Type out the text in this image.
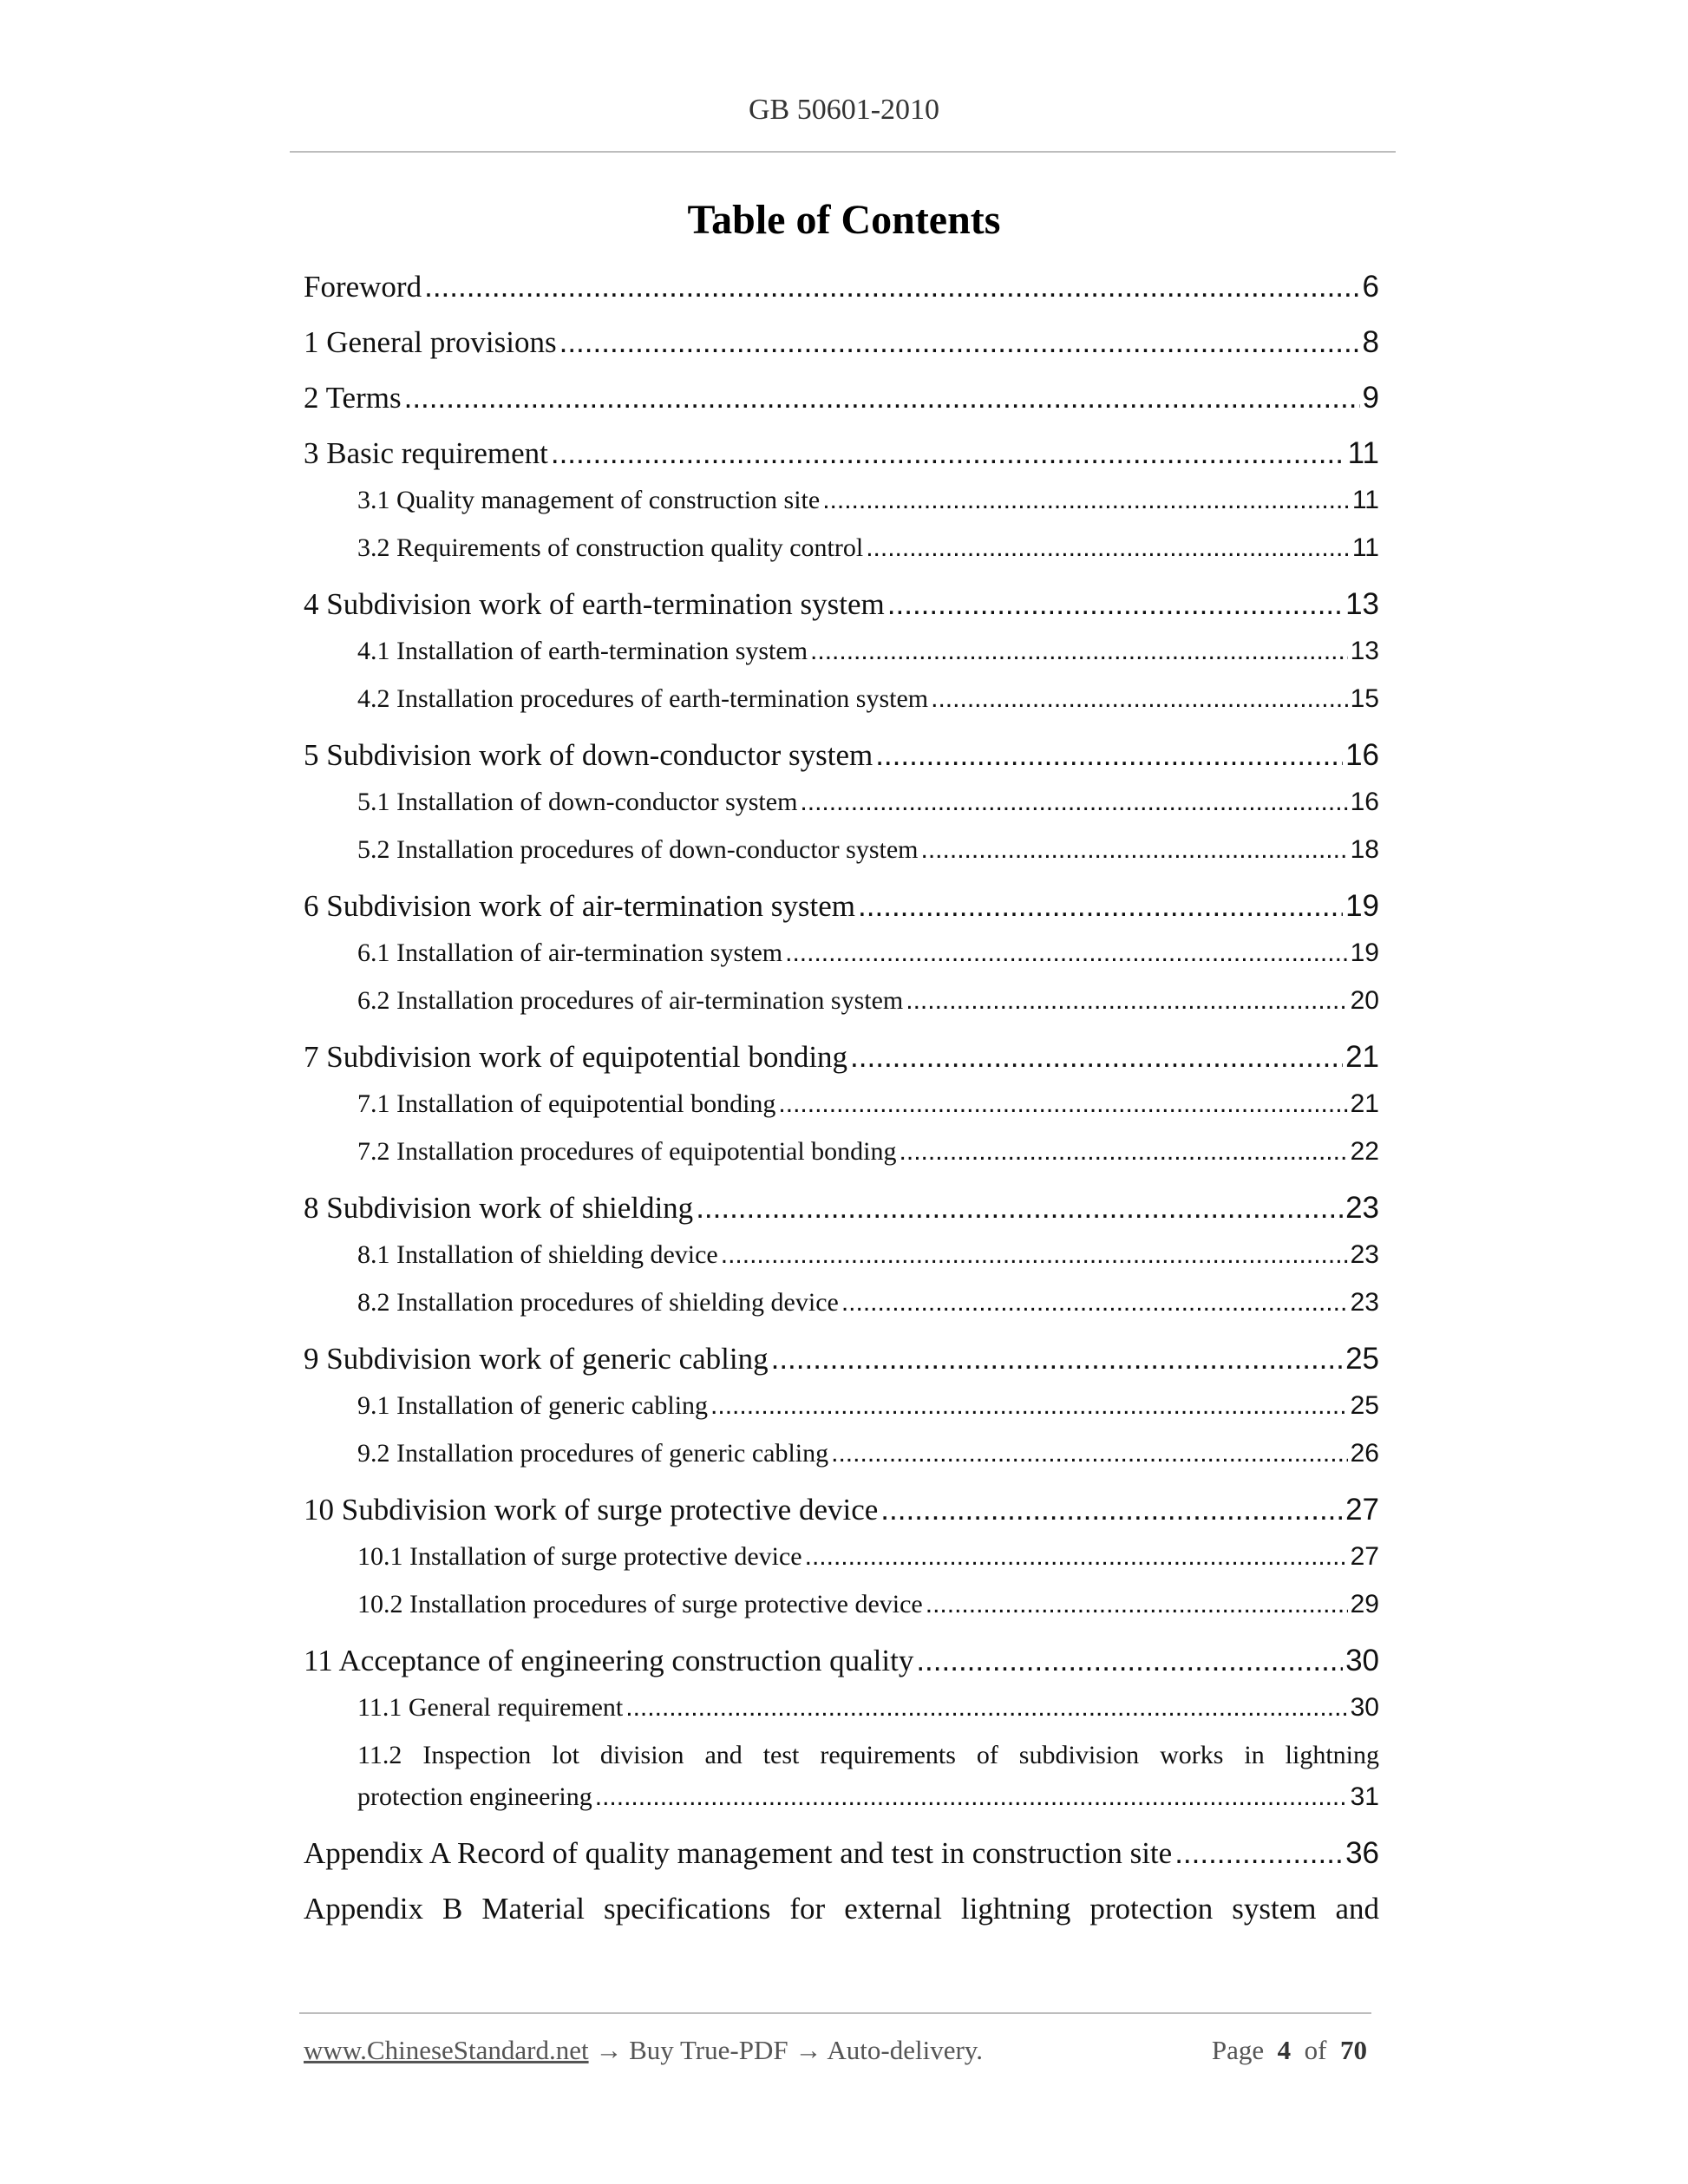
GB 50601-2010
Table of Contents
Foreword .....	6
1 General provisions .....	8
2 Terms .....	9
3 Basic requirement .....	11
3.1 Quality management of construction site .....	11
3.2 Requirements of construction quality control .....	11
4 Subdivision work of earth-termination system .....	13
4.1 Installation of earth-termination system .....	13
4.2 Installation procedures of earth-termination system .....	15
5 Subdivision work of down-conductor system .....	16
5.1 Installation of down-conductor system .....	16
5.2 Installation procedures of down-conductor system .....	18
6 Subdivision work of air-termination system .....	19
6.1 Installation of air-termination system .....	19
6.2 Installation procedures of air-termination system .....	20
7 Subdivision work of equipotential bonding .....	21
7.1 Installation of equipotential bonding .....	21
7.2 Installation procedures of equipotential bonding .....	22
8 Subdivision work of shielding .....	23
8.1 Installation of shielding device .....	23
8.2 Installation procedures of shielding device .....	23
9 Subdivision work of generic cabling .....	25
9.1 Installation of generic cabling .....	25
9.2 Installation procedures of generic cabling .....	26
10 Subdivision work of surge protective device .....	27
10.1 Installation of surge protective device .....	27
10.2 Installation procedures of surge protective device .....	29
11 Acceptance of engineering construction quality .....	30
11.1 General requirement .....	30
11.2 Inspection lot division and test requirements of subdivision works in lightning
protection engineering .....	31
Appendix A Record of quality management and test in construction site .....	36
Appendix B Material specifications for external lightning protection system and
www.ChineseStandard.net → Buy True-PDF → Auto-delivery.	Page 4 of 70
